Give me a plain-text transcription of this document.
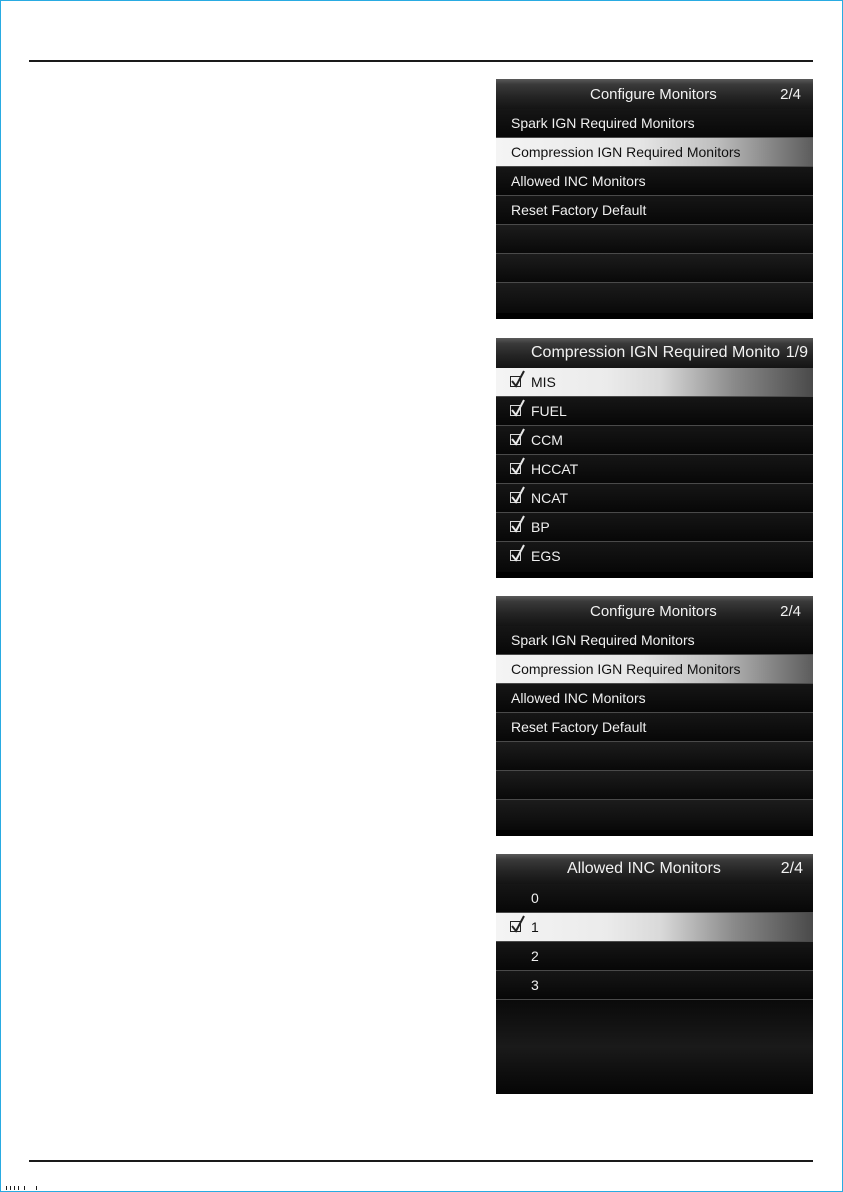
Configure Monitors	2/4
Spark IGN Required Monitors
Compression IGN Required Monitors
Allowed INC Monitors
Reset Factory Default
Compression IGN Required Monito 1/9
MIS
FUEL
CCM
HCCAT
NCAT
BP
EGS
Configure Monitors	2/4
Spark IGN Required Monitors
Compression IGN Required Monitors
Allowed INC Monitors
Reset Factory Default
Allowed INC Monitors	2/4
0
1
2
3
